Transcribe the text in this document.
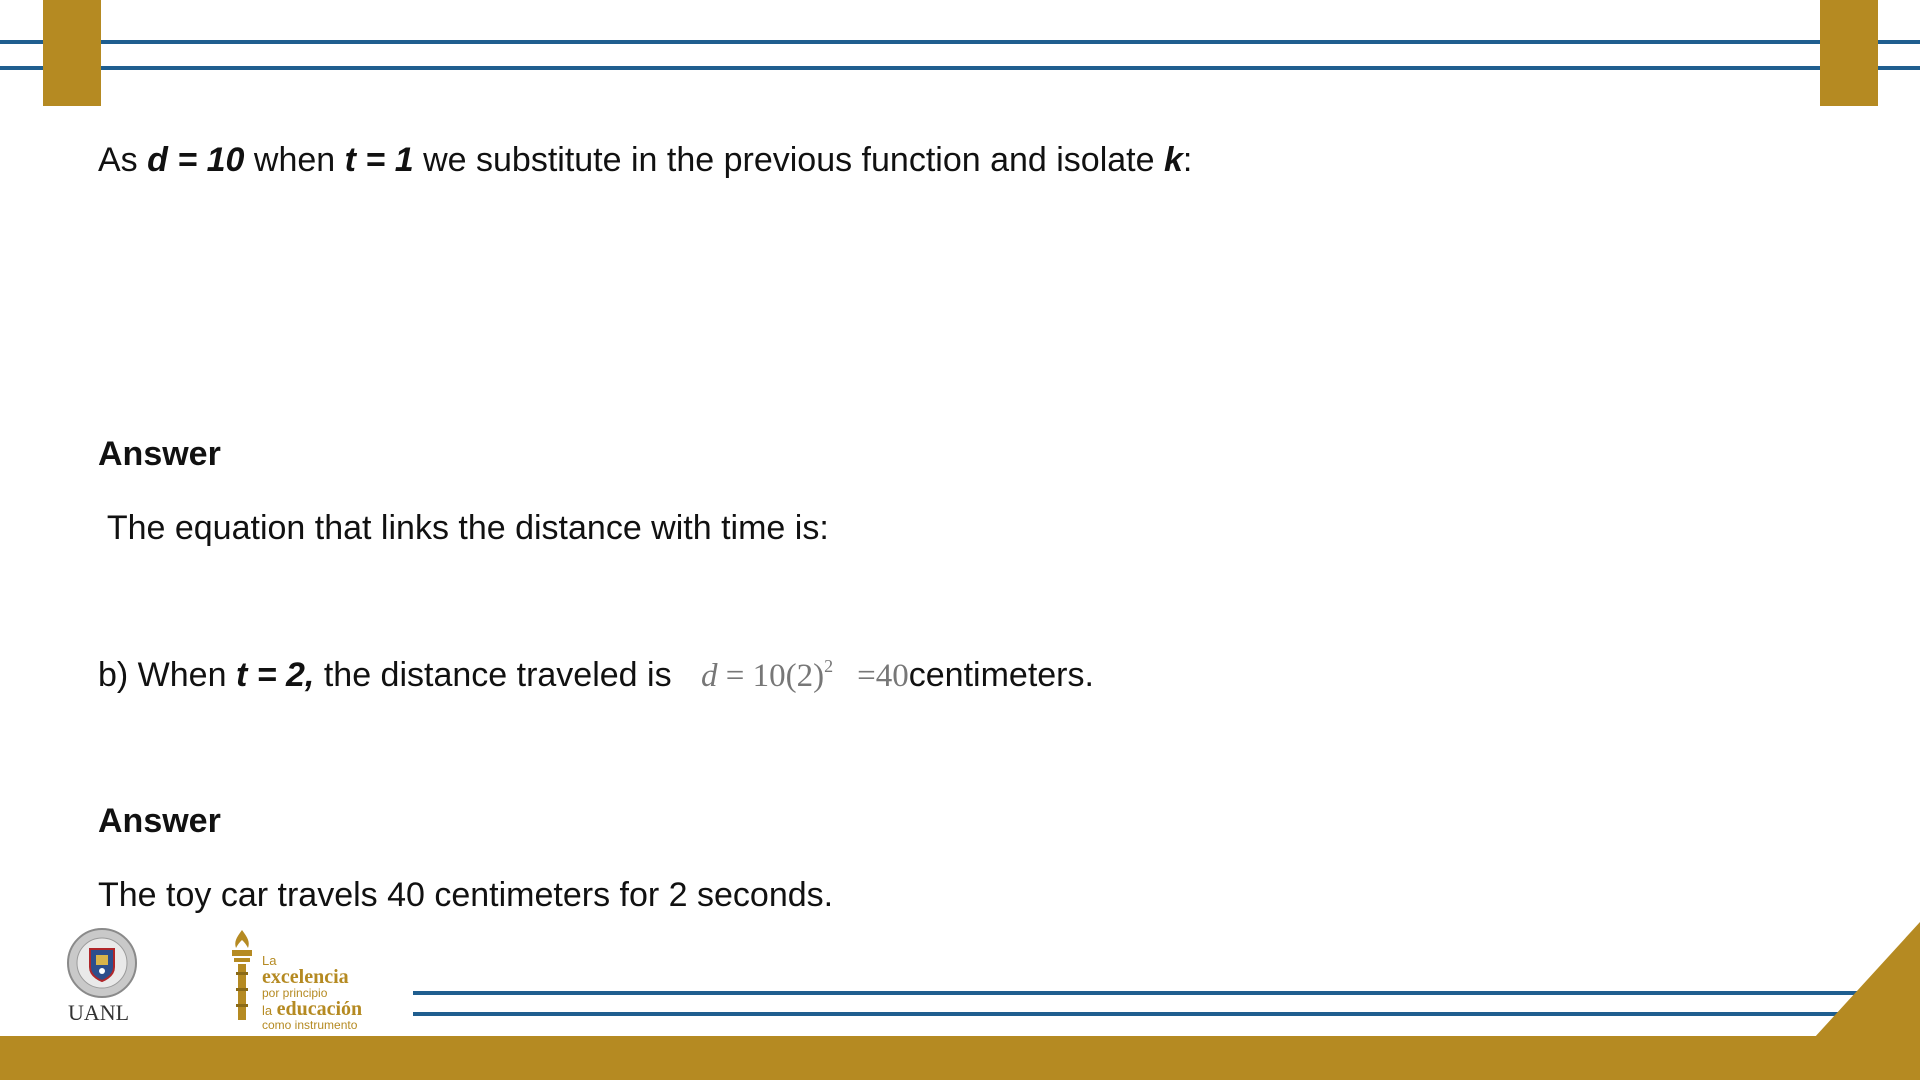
As d = 10 when t = 1 we substitute in the previous function and isolate k:
Answer
The equation that links the distance with time is:
b) When t = 2, the distance traveled is $d = 10(2)^2$ =40centimeters.
Answer
The toy car travels 40 centimeters for 2 seconds.
UANL
La
excelencia
por principio
la educación
como instrumento
